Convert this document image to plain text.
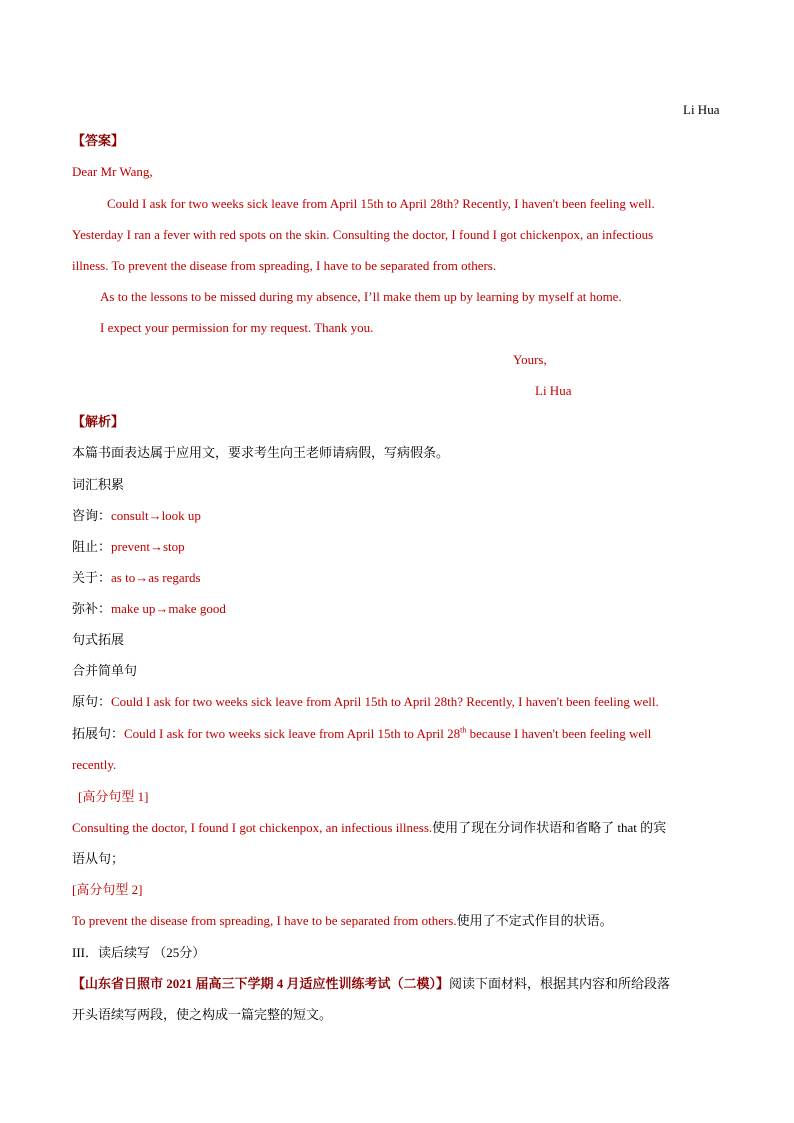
Li Hua
【答案】
Dear Mr Wang,
Could I ask for two weeks sick leave from April 15th to April 28th? Recently, I haven't been feeling well.
Yesterday I ran a fever with red spots on the skin. Consulting the doctor, I found I got chickenpox, an infectious
illness. To prevent the disease from spreading, I have to be separated from others.
As to the lessons to be missed during my absence, I’ll make them up by learning by myself at home.
I expect your permission for my request. Thank you.
Yours,
Li Hua
【解析】
本篇书面表达属于应用文，要求考生向王老师请病假，写病假条。
词汇积累
咨询：consult→look up
阻止：prevent→stop
关于：as to→as regards
弥补：make up→make good
句式拓展
合并简单句
原句：Could I ask for two weeks sick leave from April 15th to April 28th? Recently, I haven't been feeling well.
拓展句：Could I ask for two weeks sick leave from April 15th to April 28th because I haven't been feeling well
recently.
[高分句型 1]
Consulting the doctor, I found I got chickenpox, an infectious illness.使用了现在分词作状语和省略了 that 的宾
语从句；
[高分句型 2]
To prevent the disease from spreading, I have to be separated from others.使用了不定式作目的状语。
III．读后续写 （25分）
【山东省日照市 2021 届高三下学期 4 月适应性训练考试（二模）】阅读下面材料，根据其内容和所给段落
开头语续写两段，使之构成一篇完整的短文。
